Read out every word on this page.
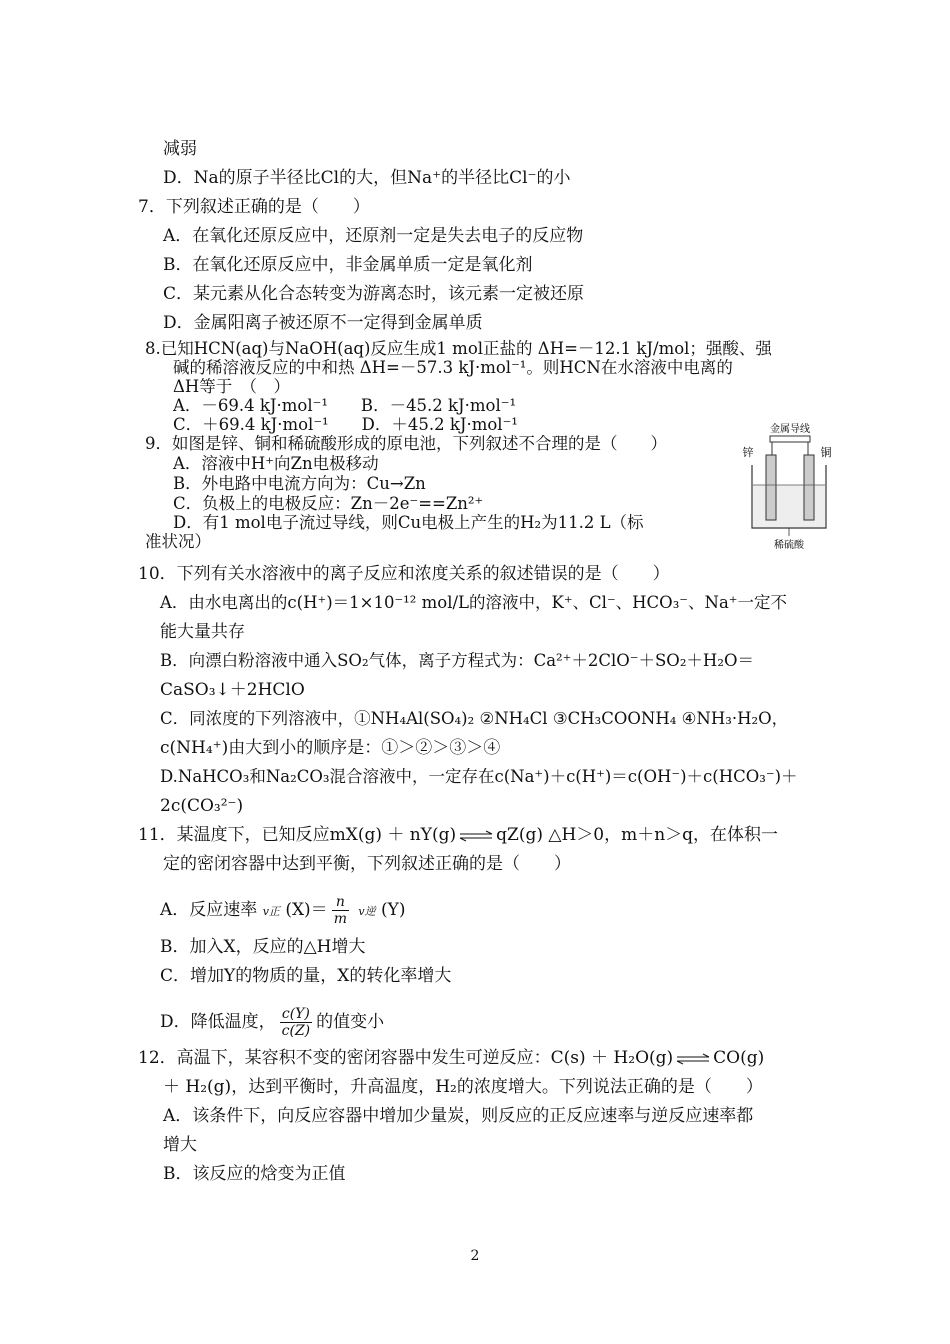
减弱
D．Na的原子半径比Cl的大，但Na⁺的半径比Cl⁻的小
7．下列叙述正确的是（　　）
A．在氧化还原反应中，还原剂一定是失去电子的反应物
B．在氧化还原反应中，非金属单质一定是氧化剂
C．某元素从化合态转变为游离态时，该元素一定被还原
D．金属阳离子被还原不一定得到金属单质
8.已知HCN(aq)与NaOH(aq)反应生成1 mol正盐的 ΔH=－12.1 kJ/mol；强酸、强
碱的稀溶液反应的中和热 ΔH=－57.3 kJ·mol⁻¹。则HCN在水溶液中电离的
ΔH等于　（　）
A．－69.4 kJ·mol⁻¹　　B．－45.2 kJ·mol⁻¹
C．＋69.4 kJ·mol⁻¹　　D．＋45.2 kJ·mol⁻¹
9．如图是锌、铜和稀硫酸形成的原电池，下列叙述不合理的是（　　）
A．溶液中H⁺向Zn电极移动
B．外电路中电流方向为：Cu→Zn
C．负极上的电极反应：Zn－2e⁻==Zn²⁺
D．有1 mol电子流过导线，则Cu电极上产生的H₂为11.2 L（标
准状况）
金属导线
锌	铜
稀硫酸
10．下列有关水溶液中的离子反应和浓度关系的叙述错误的是（　　）
A．由水电离出的c(H⁺)＝1×10⁻¹² mol/L的溶液中，K⁺、Cl⁻、HCO₃⁻、Na⁺一定不
能大量共存
B．向漂白粉溶液中通入SO₂气体，离子方程式为：Ca²⁺＋2ClO⁻＋SO₂＋H₂O＝
CaSO₃↓＋2HClO
C．同浓度的下列溶液中，①NH₄Al(SO₄)₂ ②NH₄Cl ③CH₃COONH₄ ④NH₃·H₂O，
c(NH₄⁺)由大到小的顺序是：①＞②＞③＞④
D.NaHCO₃和Na₂CO₃混合溶液中，一定存在c(Na⁺)＋c(H⁺)＝c(OH⁻)＋c(HCO₃⁻)＋
2c(CO₃²⁻)
11．某温度下，已知反应mX(g) ＋ nY(g) ⇌ qZ(g) △H＞0，m＋n＞q，在体积一
定的密闭容器中达到平衡，下列叙述正确的是（　　）
A．反应速率 v正 $(X)= \frac{n}{m}$ v逆 (Y)
B．加入X，反应的△H增大
C．增加Y的物质的量，X的转化率增大
D．降低温度， $\frac{c(Y)}{c(Z)}$ 的值变小
12．高温下，某容积不变的密闭容器中发生可逆反应：C(s) ＋ H₂O(g) ⇌ CO(g)
＋ H₂(g)，达到平衡时，升高温度，H₂的浓度增大。下列说法正确的是（　　）
A．该条件下，向反应容器中增加少量炭，则反应的正反应速率与逆反应速率都
增大
B．该反应的焓变为正值
2
